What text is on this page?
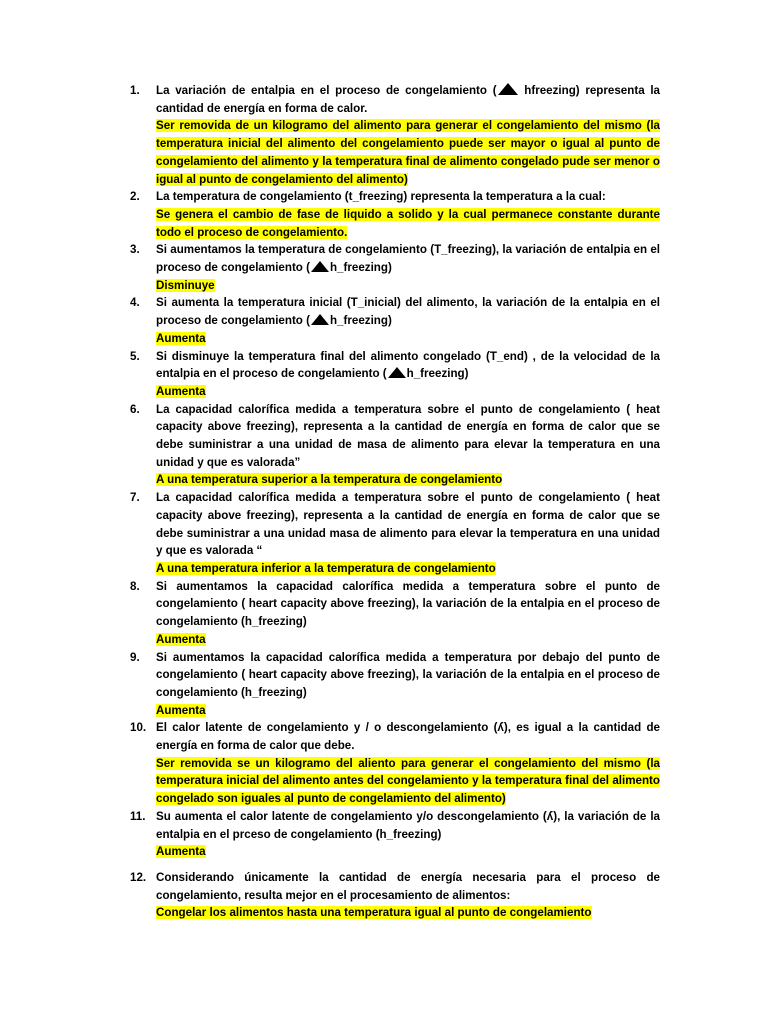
1.	La variación de entalpia en el proceso de congelamiento ( hfreezing) representa la cantidad de energía en forma de calor.
Ser removida de un kilogramo del alimento para generar el congelamiento del mismo (la temperatura inicial del alimento del congelamiento puede ser mayor o igual al punto de congelamiento del alimento y la temperatura final de alimento congelado pude ser menor o igual al punto de congelamiento del alimento)
2.	La temperatura de congelamiento (t_freezing) representa la temperatura a la cual:
Se genera el cambio de fase de liquido a solido y la cual permanece constante durante todo el proceso de congelamiento.
3.	Si aumentamos la temperatura de congelamiento (T_freezing), la variación de entalpia en el proceso de congelamiento ( h_freezing)
Disminuye
4.	Si aumenta la temperatura inicial (T_inicial) del alimento, la variación de la entalpia en el proceso de congelamiento ( h_freezing)
Aumenta
5.	Si disminuye la temperatura final del alimento congelado (T_end) , de la velocidad de la entalpia en el proceso de congelamiento ( h_freezing)
Aumenta
6.	La capacidad calorífica medida a temperatura sobre el punto de congelamiento ( heat capacity above freezing), representa a la cantidad de energía en forma de calor que se debe suministrar a una unidad de masa de alimento para elevar la temperatura en una unidad y que es valorada”
A una temperatura superior a la temperatura de congelamiento
7.	La capacidad calorífica medida a temperatura sobre el punto de congelamiento ( heat capacity above freezing), representa a la cantidad de energía en forma de calor que se debe suministrar a una unidad masa de alimento para elevar la temperatura en una unidad y que es valorada “
A una temperatura inferior a la temperatura de congelamiento
8.	Si aumentamos la capacidad calorífica medida a temperatura sobre el punto de congelamiento ( heart capacity above freezing), la variación de la entalpia en el proceso de congelamiento (h_freezing)
Aumenta
9.	Si aumentamos la capacidad calorífica medida a temperatura por debajo del punto de congelamiento ( heart capacity above freezing), la variación de la entalpia en el proceso de congelamiento (h_freezing)
Aumenta
10. El calor latente de congelamiento y / o descongelamiento (ʎ), es igual a la cantidad de energía en forma de calor que debe.
Ser removida se un kilogramo del aliento para generar el congelamiento del mismo (la temperatura inicial del alimento antes del congelamiento y la temperatura final del alimento congelado son iguales al punto de congelamiento del alimento)
11. Su aumenta el calor latente de congelamiento y/o descongelamiento (ʎ), la variación de la entalpia en el prceso de congelamiento (h_freezing)
Aumenta
12. Considerando únicamente la cantidad de energía necesaria para el proceso de congelamiento, resulta mejor en el procesamiento de alimentos:
Congelar los alimentos hasta una temperatura igual al punto de congelamiento
